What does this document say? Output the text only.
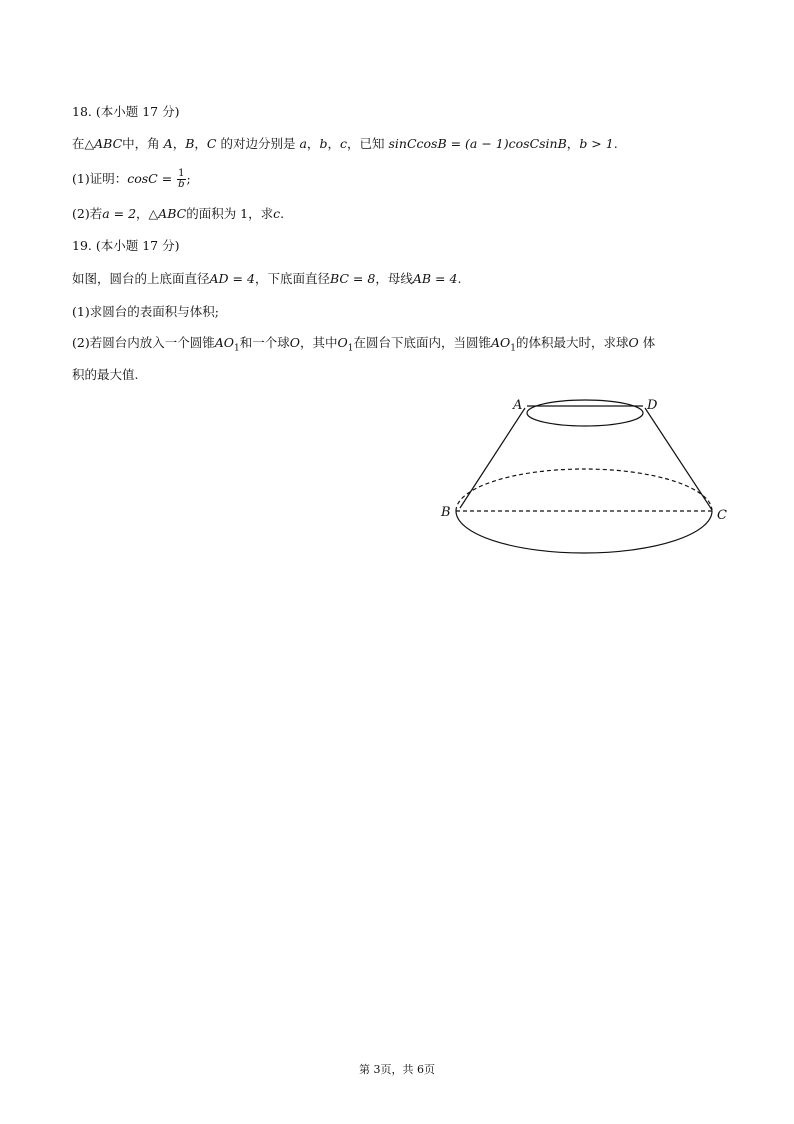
18. (本小题 17 分)
在△ABC中，角 A，B，C 的对边分别是 a，b，c，已知 sinCcosB = (a − 1)cosCsinB，b > 1.
(1)证明：$\cos C = \frac{1}{b}$ ;
(2)若a = 2，△ABC的面积为 1，求c.
19. (本小题 17 分)
如图，圆台的上底面直径AD = 4，下底面直径BC = 8，母线AB = 4.
(1)求圆台的表面积与体积;
(2)若圆台内放入一个圆锥$AO_1$和一个球O，其中$O_1$在圆台下底面内，当圆锥$AO_1$的体积最大时，求球O 体
积的最大值.
A	D
B	C
第 3页，共 6页
